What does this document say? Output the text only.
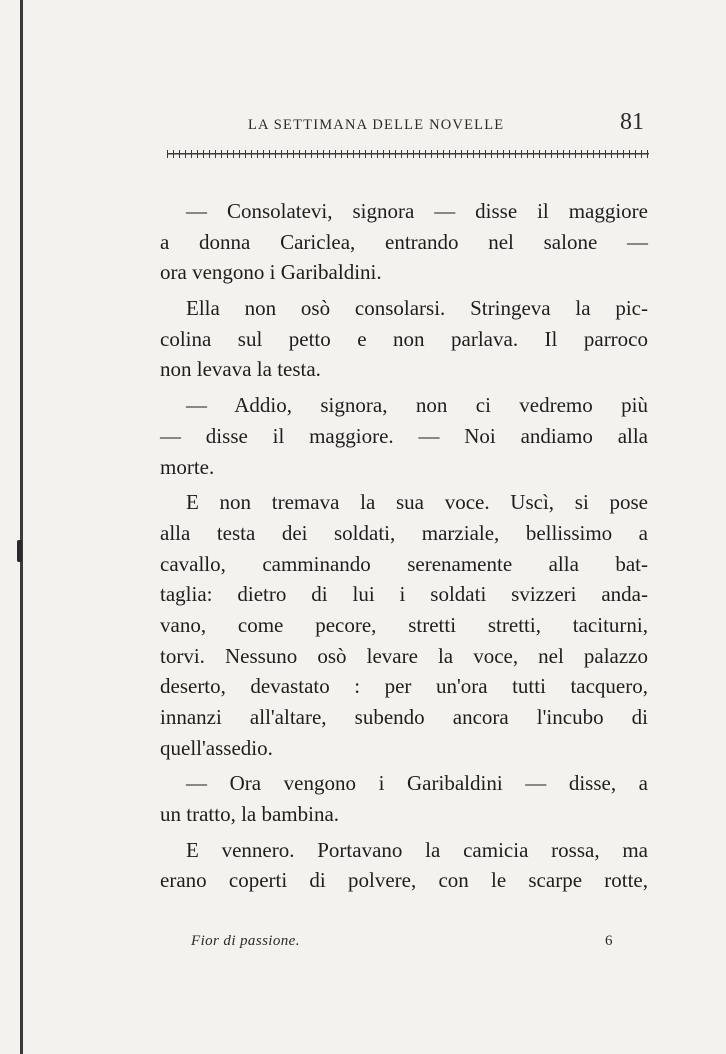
LA SETTIMANA DELLE NOVELLE	81
— Consolatevi, signora — disse il maggiore
a donna Cariclea, entrando nel salone —
ora vengono i Garibaldini.
Ella non osò consolarsi. Stringeva la pic-
colina sul petto e non parlava. Il parroco
non levava la testa.
— Addio, signora, non ci vedremo più
— disse il maggiore. — Noi andiamo alla
morte.
E non tremava la sua voce. Uscì, si pose
alla testa dei soldati, marziale, bellissimo a
cavallo, camminando serenamente alla bat-
taglia: dietro di lui i soldati svizzeri anda-
vano, come pecore, stretti stretti, taciturni,
torvi. Nessuno osò levare la voce, nel palazzo
deserto, devastato : per un'ora tutti tacquero,
innanzi all'altare, subendo ancora l'incubo di
quell'assedio.
— Ora vengono i Garibaldini — disse, a
un tratto, la bambina.
E vennero. Portavano la camicia rossa, ma
erano coperti di polvere, con le scarpe rotte,
Fior di passione.	6
